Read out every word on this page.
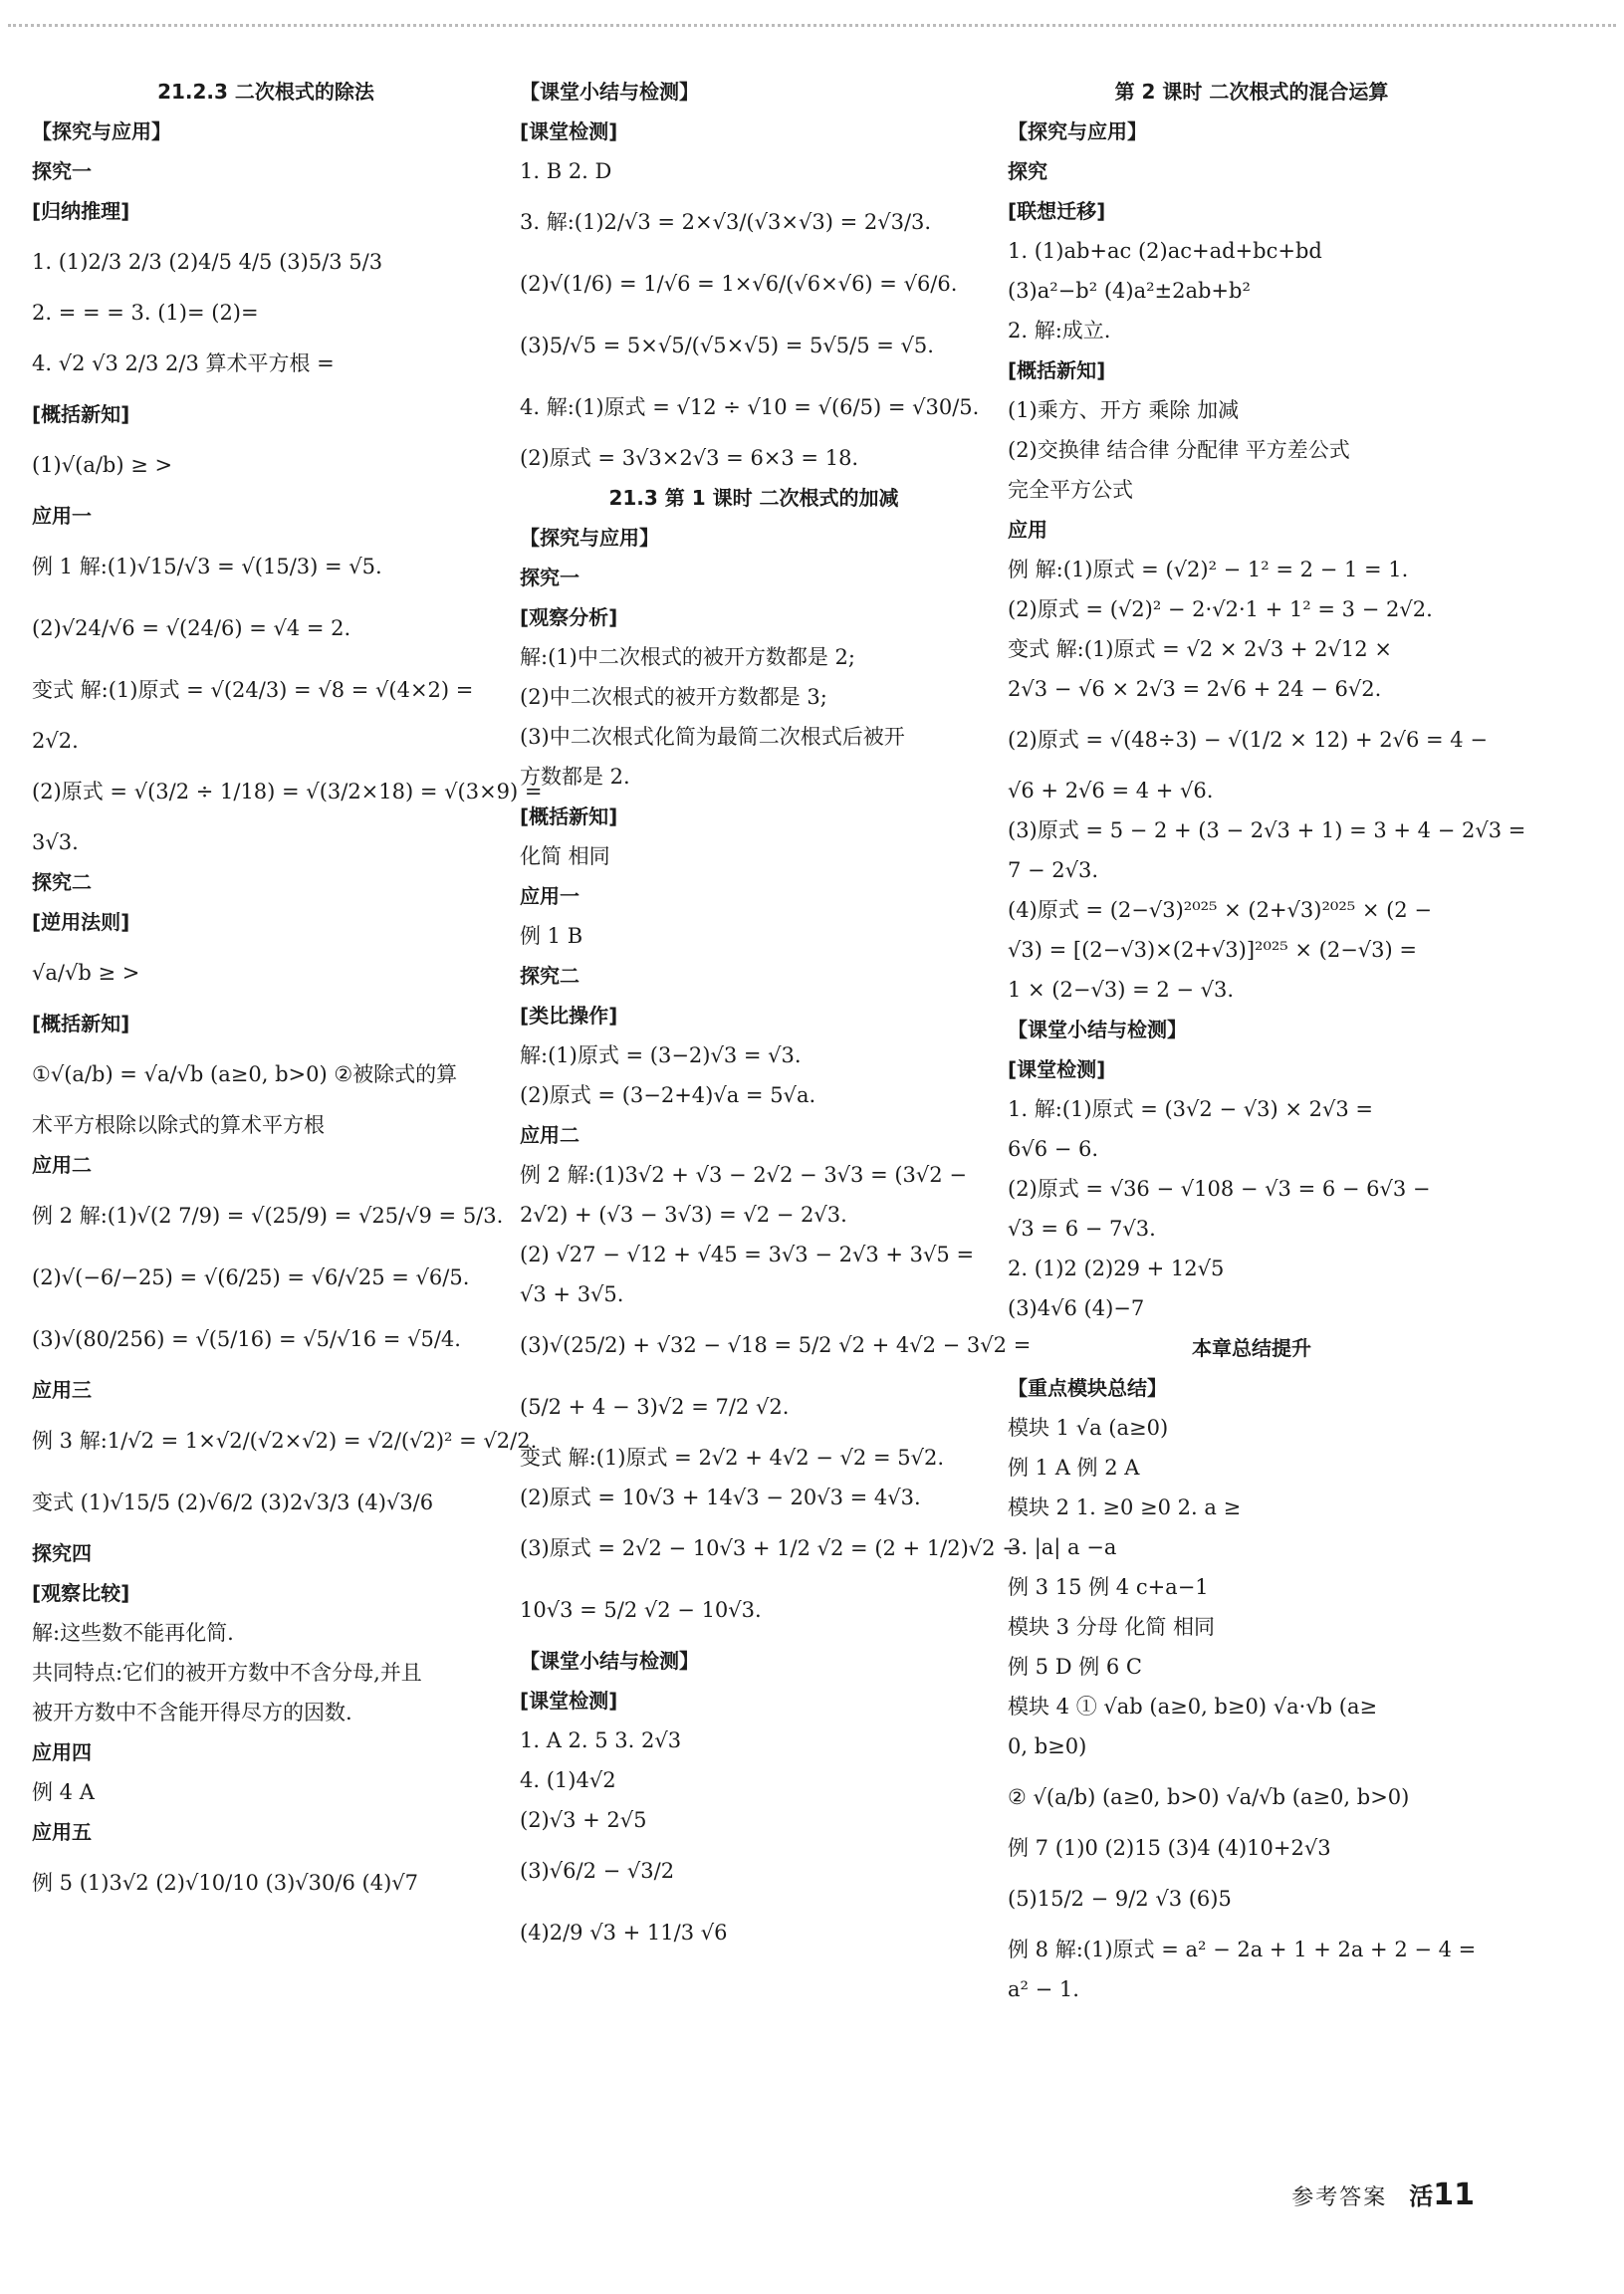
21.2.3 二次根式的除法
【探究与应用】
探究一
[归纳推理]
1. (1)2/3 2/3 (2)4/5 4/5 (3)5/3 5/3
2. = = = 3. (1)= (2)=
4. √2 √3 2/3 2/3 算术平方根 =
[概括新知]
(1)√(a/b) ≥ >
应用一
例 1 解:(1)√15/√3 = √(15/3) = √5.
(2)√24/√6 = √(24/6) = √4 = 2.
变式 解:(1)原式 = √(24/3) = √8 = √(4×2) =
2√2.
(2)原式 = √(3/2 ÷ 1/18) = √(3/2×18) = √(3×9) =
3√3.
探究二
[逆用法则]
√a/√b ≥ >
[概括新知]
①√(a/b) = √a/√b (a≥0, b>0) ②被除式的算
术平方根除以除式的算术平方根
应用二
例 2 解:(1)√(2 7/9) = √(25/9) = √25/√9 = 5/3.
(2)√(−6/−25) = √(6/25) = √6/√25 = √6/5.
(3)√(80/256) = √(5/16) = √5/√16 = √5/4.
应用三
例 3 解:1/√2 = 1×√2/(√2×√2) = √2/(√2)² = √2/2.
变式 (1)√15/5 (2)√6/2 (3)2√3/3 (4)√3/6
探究四
[观察比较]
解:这些数不能再化简.
共同特点:它们的被开方数中不含分母,并且
被开方数中不含能开得尽方的因数.
应用四
例 4 A
应用五
例 5 (1)3√2 (2)√10/10 (3)√30/6 (4)√7
【课堂小结与检测】
[课堂检测]
1. B 2. D
3. 解:(1)2/√3 = 2×√3/(√3×√3) = 2√3/3.
(2)√(1/6) = 1/√6 = 1×√6/(√6×√6) = √6/6.
(3)5/√5 = 5×√5/(√5×√5) = 5√5/5 = √5.
4. 解:(1)原式 = √12 ÷ √10 = √(6/5) = √30/5.
(2)原式 = 3√3×2√3 = 6×3 = 18.
21.3 第 1 课时 二次根式的加减
【探究与应用】
探究一
[观察分析]
解:(1)中二次根式的被开方数都是 2;
(2)中二次根式的被开方数都是 3;
(3)中二次根式化简为最简二次根式后被开
方数都是 2.
[概括新知]
化简 相同
应用一
例 1 B
探究二
[类比操作]
解:(1)原式 = (3−2)√3 = √3.
(2)原式 = (3−2+4)√a = 5√a.
应用二
例 2 解:(1)3√2 + √3 − 2√2 − 3√3 = (3√2 −
2√2) + (√3 − 3√3) = √2 − 2√3.
(2) √27 − √12 + √45 = 3√3 − 2√3 + 3√5 =
√3 + 3√5.
(3)√(25/2) + √32 − √18 = 5/2 √2 + 4√2 − 3√2 =
(5/2 + 4 − 3)√2 = 7/2 √2.
变式 解:(1)原式 = 2√2 + 4√2 − √2 = 5√2.
(2)原式 = 10√3 + 14√3 − 20√3 = 4√3.
(3)原式 = 2√2 − 10√3 + 1/2 √2 = (2 + 1/2)√2 −
10√3 = 5/2 √2 − 10√3.
【课堂小结与检测】
[课堂检测]
1. A 2. 5 3. 2√3
4. (1)4√2
(2)√3 + 2√5
(3)√6/2 − √3/2
(4)2/9 √3 + 11/3 √6
第 2 课时 二次根式的混合运算
【探究与应用】
探究
[联想迁移]
1. (1)ab+ac (2)ac+ad+bc+bd
(3)a²−b² (4)a²±2ab+b²
2. 解:成立.
[概括新知]
(1)乘方、开方 乘除 加减
(2)交换律 结合律 分配律 平方差公式
完全平方公式
应用
例 解:(1)原式 = (√2)² − 1² = 2 − 1 = 1.
(2)原式 = (√2)² − 2·√2·1 + 1² = 3 − 2√2.
变式 解:(1)原式 = √2 × 2√3 + 2√12 ×
2√3 − √6 × 2√3 = 2√6 + 24 − 6√2.
(2)原式 = √(48÷3) − √(1/2 × 12) + 2√6 = 4 −
√6 + 2√6 = 4 + √6.
(3)原式 = 5 − 2 + (3 − 2√3 + 1) = 3 + 4 − 2√3 =
7 − 2√3.
(4)原式 = (2−√3)²⁰²⁵ × (2+√3)²⁰²⁵ × (2 −
√3) = [(2−√3)×(2+√3)]²⁰²⁵ × (2−√3) =
1 × (2−√3) = 2 − √3.
【课堂小结与检测】
[课堂检测]
1. 解:(1)原式 = (3√2 − √3) × 2√3 =
6√6 − 6.
(2)原式 = √36 − √108 − √3 = 6 − 6√3 −
√3 = 6 − 7√3.
2. (1)2 (2)29 + 12√5
(3)4√6 (4)−7
本章总结提升
【重点模块总结】
模块 1 √a (a≥0)
例 1 A 例 2 A
模块 2 1. ≥0 ≥0 2. a ≥
3. |a| a −a
例 3 15 例 4 c+a−1
模块 3 分母 化简 相同
例 5 D 例 6 C
模块 4 ① √ab (a≥0, b≥0) √a·√b (a≥
0, b≥0)
② √(a/b) (a≥0, b>0) √a/√b (a≥0, b>0)
例 7 (1)0 (2)15 (3)4 (4)10+2√3
(5)15/2 − 9/2 √3 (6)5
例 8 解:(1)原式 = a² − 2a + 1 + 2a + 2 − 4 =
a² − 1.
参考答案 活11
